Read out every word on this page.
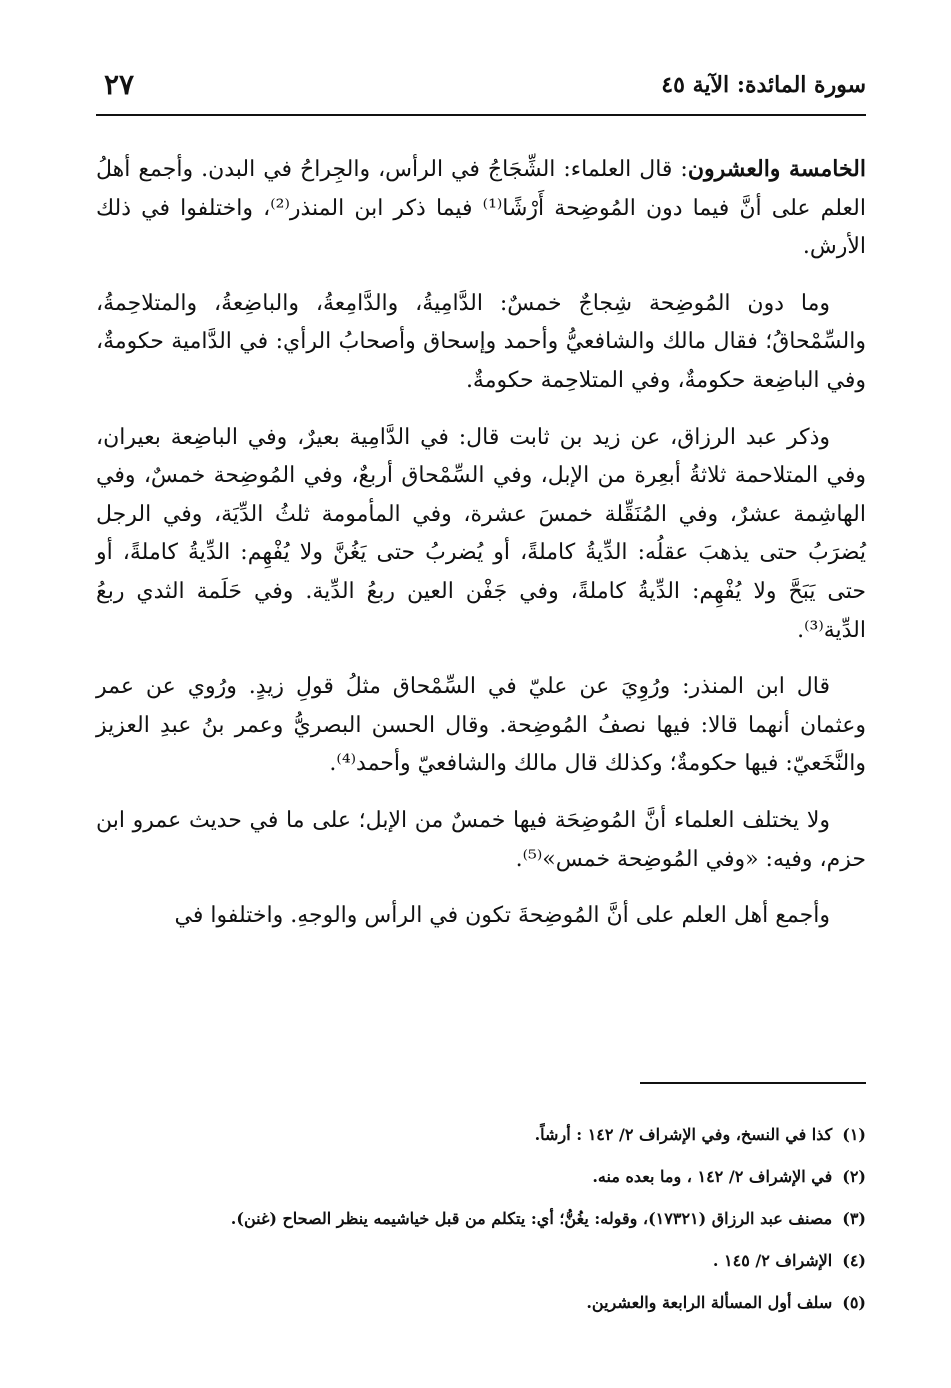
سورة المائدة: الآية ٤٥
٢٧

الخامسة والعشرون: قال العلماء: الشِّجَاجُ في الرأس، والجِراحُ في البدن. وأجمع أهلُ العلم على أنَّ فيما دون المُوضِحة أَرْشًا⁽¹⁾ فيما ذكر ابن المنذر⁽²⁾، واختلفوا في ذلك الأرش.

وما دون المُوضِحة شِجاجٌ خمسٌ: الدَّامِيةُ، والدَّامِعةُ، والباضِعةُ، والمتلاحِمةُ، والسِّمْحاقُ؛ فقال مالك والشافعيُّ وأحمد وإسحاق وأصحابُ الرأي: في الدَّامية حكومةٌ، وفي الباضِعة حكومةٌ، وفي المتلاحِمة حكومةٌ.

وذكر عبد الرزاق، عن زيد بن ثابت قال: في الدَّامِية بعيرٌ، وفي الباضِعة بعيران، وفي المتلاحمة ثلاثةُ أبعِرة من الإبل، وفي السِّمْحاق أربعٌ، وفي المُوضِحة خمسٌ، وفي الهاشِمة عشرٌ، وفي المُنَقِّلة خمسَ عشرة، وفي المأمومة ثلثُ الدِّيَة، وفي الرجل يُضرَبُ حتى يذهبَ عقلُه: الدِّيةُ كاملةً، أو يُضربُ حتى يَغُنَّ ولا يُفْهِم: الدِّيةُ كاملةً، أو حتى يَبَحَّ ولا يُفْهِم: الدِّيةُ كاملةً، وفي جَفْن العين ربعُ الدِّية. وفي حَلَمة الثدي ربعُ الدِّية⁽³⁾.

قال ابن المنذر: ورُوِيَ عن عليّ في السِّمْحاق مثلُ قولِ زيدٍ. ورُوي عن عمر وعثمان أنهما قالا: فيها نصفُ المُوضِحة. وقال الحسن البصريُّ وعمر بنُ عبدِ العزيز والنَّخَعيّ: فيها حكومةٌ؛ وكذلك قال مالك والشافعيّ وأحمد⁽⁴⁾.

ولا يختلف العلماء أنَّ المُوضِحَة فيها خمسٌ من الإبل؛ على ما في حديث عمرو ابن حزم، وفيه: «وفي المُوضِحة خمس»⁽⁵⁾.

وأجمع أهل العلم على أنَّ المُوضِحةَ تكون في الرأس والوجهِ. واختلفوا في

(١)كذا في النسخ، وفي الإشراف ٢/ ١٤٢ : أرشاً.
(٢)في الإشراف ٢/ ١٤٢ ، وما بعده منه.
(٣)مصنف عبد الرزاق (١٧٣٢١)، وقوله: يغُنُّ؛ أي: يتكلم من قبل خياشيمه ينظر الصحاح (غنن).
(٤)الإشراف ٢/ ١٤٥ .
(٥)سلف أول المسألة الرابعة والعشرين.
